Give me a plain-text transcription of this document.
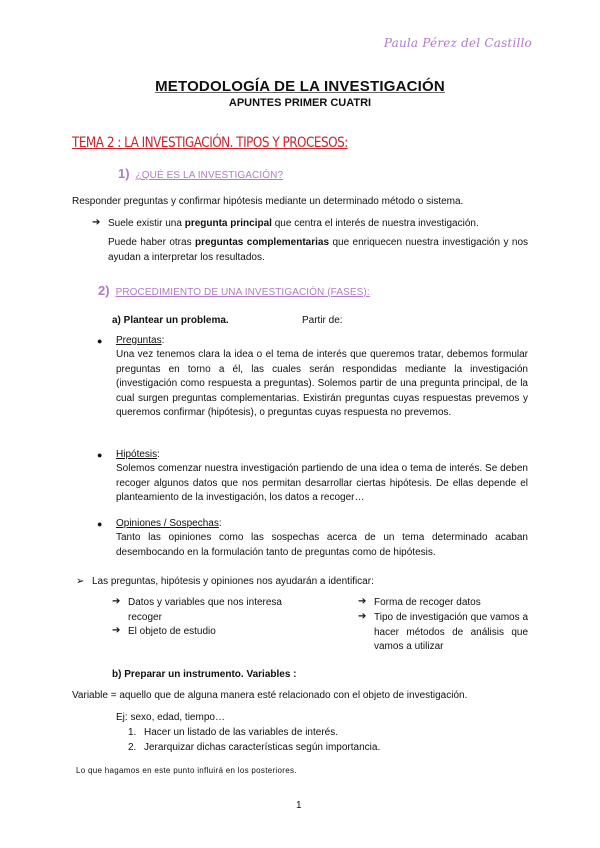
Paula Pérez del Castillo
METODOLOGÍA DE LA INVESTIGACIÓN
APUNTES PRIMER CUATRI
TEMA 2 : LA INVESTIGACIÓN. TIPOS Y PROCESOS:
1) ¿QUÉ ES LA INVESTIGACIÓN?
Responder preguntas y confirmar hipótesis mediante un determinado método o sistema.
➔ Suele existir una pregunta principal que centra el interés de nuestra investigación.
Puede haber otras preguntas complementarias que enriquecen nuestra investigación y nos ayudan a interpretar los resultados.
2) PROCEDIMIENTO DE UNA INVESTIGACIÓN (FASES):
a) Plantear un problema.	Partir de:
● Preguntas:
Una vez tenemos clara la idea o el tema de interés que queremos tratar, debemos formular preguntas en torno a él, las cuales serán respondidas mediante la investigación (investigación como respuesta a preguntas). Solemos partir de una pregunta principal, de la cual surgen preguntas complementarias. Existirán preguntas cuyas respuestas prevemos y queremos confirmar (hipótesis), o preguntas cuyas respuesta no prevemos.
● Hipótesis:
Solemos comenzar nuestra investigación partiendo de una idea o tema de interés. Se deben recoger algunos datos que nos permitan desarrollar ciertas hipótesis. De ellas depende el planteamiento de la investigación, los datos a recoger…
● Opiniones / Sospechas:
Tanto las opiniones como las sospechas acerca de un tema determinado acaban desembocando en la formulación tanto de preguntas como de hipótesis.
➢ Las preguntas, hipótesis y opiniones nos ayudarán a identificar:
➔ Datos y variables que nos interesa recoger
➔ El objeto de estudio
➔ Forma de recoger datos
➔ Tipo de investigación que vamos a hacer métodos de análisis que vamos a utilizar
b) Preparar un instrumento. Variables :
Variable = aquello que de alguna manera esté relacionado con el objeto de investigación.
Ej: sexo, edad, tiempo…
1. Hacer un listado de las variables de interés.
2. Jerarquizar dichas características según importancia.
Lo que hagamos en este punto influirá en los posteriores.
1
